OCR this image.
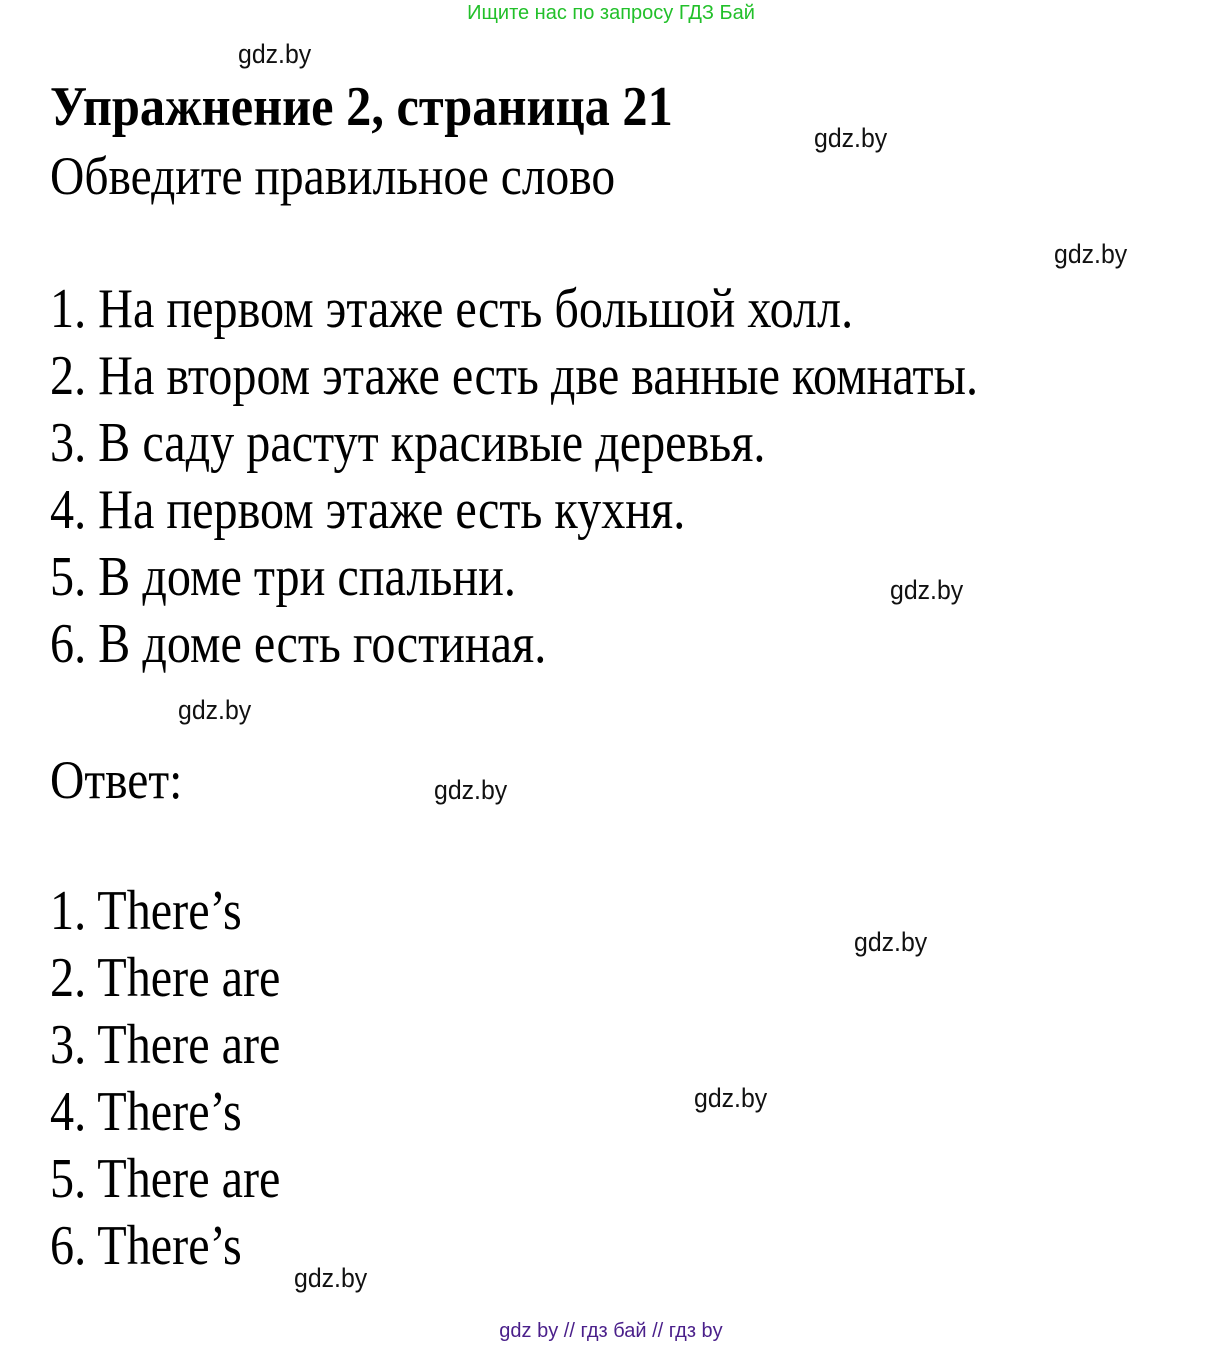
Ищите нас по запросу ГДЗ Бай
gdz.by
Упражнение 2, страница 21	gdz.by
Обведите правильное слово
gdz.by
1. На первом этаже есть большой холл.
2. На втором этаже есть две ванные комнаты.
3. В саду растут красивые деревья.
4. На первом этаже есть кухня.
5. В доме три спальни.
6. В доме есть гостиная.
gdz.by
gdz.by
Ответ:	gdz.by
1. There’s
2. There are
3. There are
4. There’s
5. There are
6. There’s
gdz.by
gdz.by
gdz.by
gdz by // гдз бай // гдз by
